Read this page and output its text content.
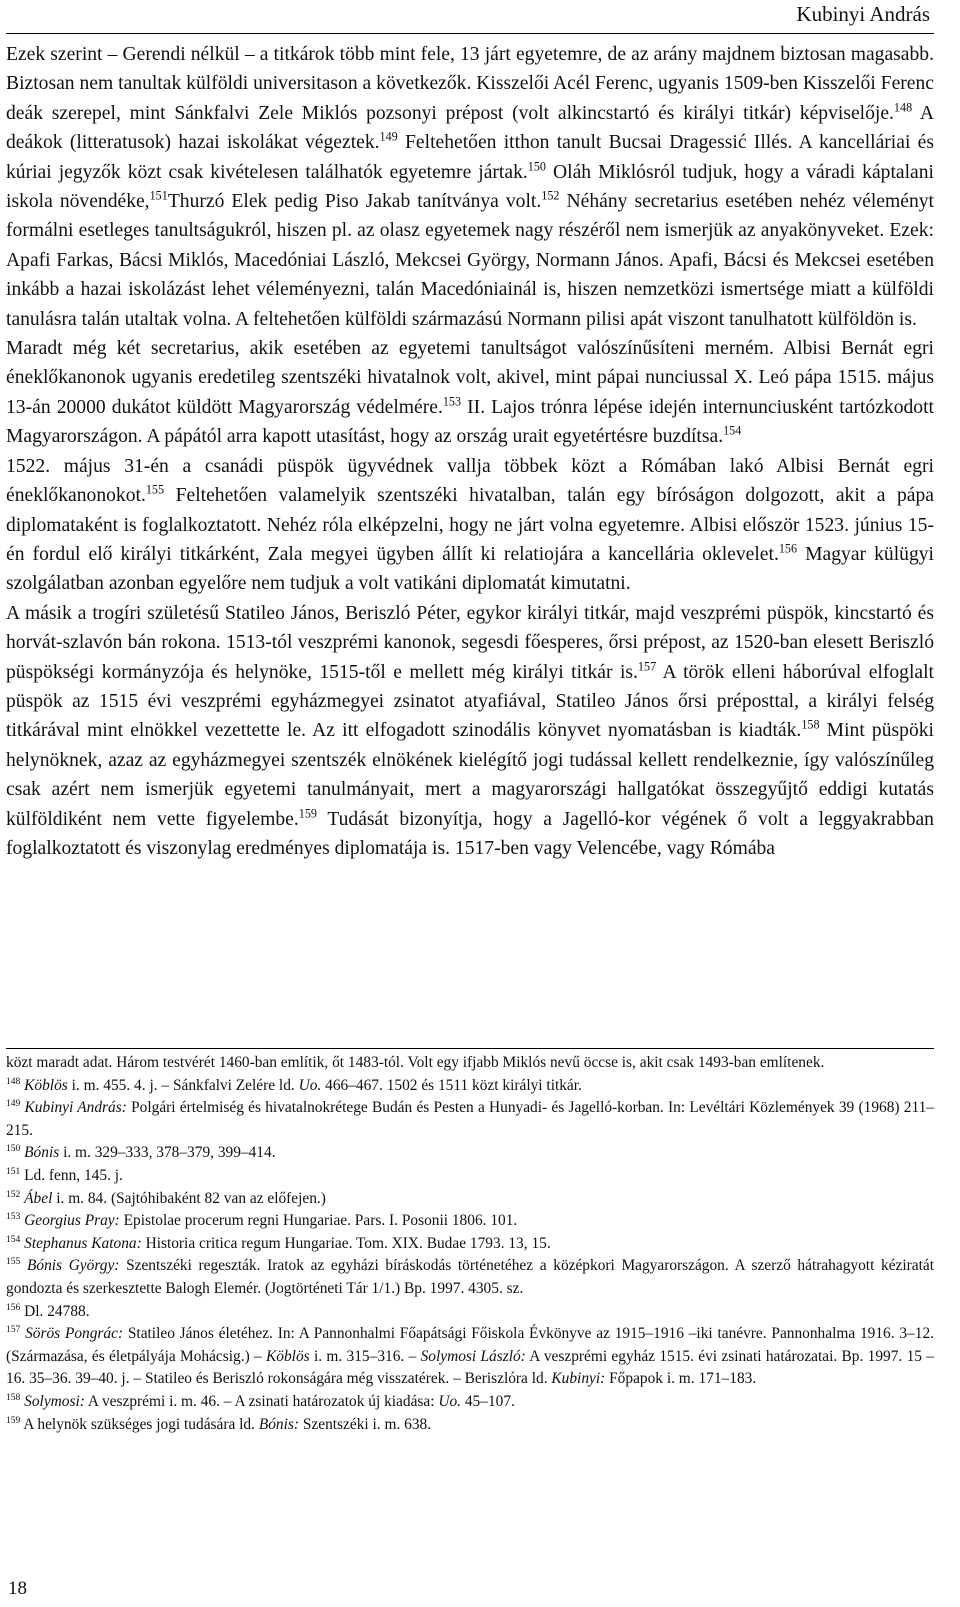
Kubinyi András

Ezek szerint – Gerendi nélkül – a titkárok több mint fele, 13 járt egyetemre, de az arány majdnem biztosan magasabb. Biztosan nem tanultak külföldi universitason a következők. Kisszelői Acél Ferenc, ugyanis 1509-ben Kisszelői Ferenc deák szerepel, mint Sánkfalvi Zele Miklós pozsonyi prépost (volt alkincstartó és királyi titkár) képviselője.$^{148}$ A deákok (litteratusok) hazai iskolákat végeztek.$^{149}$ Feltehetően itthon tanult Bucsai Dragessić Illés. A kancelláriai és kúriai jegyzők közt csak kivételesen találhatók egyetemre jártak.$^{150}$ Oláh Miklósról tudjuk, hogy a váradi káptalani iskola növendéke,$^{151}$Thurzó Elek pedig Piso Jakab tanítványa volt.$^{152}$ Néhány secretarius esetében nehéz véleményt formálni esetleges tanultságukról, hiszen pl. az olasz egyetemek nagy részéről nem ismerjük az anyakönyveket. Ezek: Apafi Farkas, Bácsi Miklós, Macedóniai László, Mekcsei György, Normann János. Apafi, Bácsi és Mekcsei esetében inkább a hazai iskolázást lehet véleményezni, talán Macedóniainál is, hiszen nemzetközi ismertsége miatt a külföldi tanulásra talán utaltak volna. A feltehetően külföldi származású Normann pilisi apát viszont tanulhatott külföldön is.

Maradt még két secretarius, akik esetében az egyetemi tanultságot valószínűsíteni merném. Albisi Bernát egri éneklőkanonok ugyanis eredetileg szentszéki hivatalnok volt, akivel, mint pápai nunciussal X. Leó pápa 1515. május 13-án 20000 dukátot küldött Magyarország védelmére.$^{153}$ II. Lajos trónra lépése idején internunciusként tartózkodott Magyarországon. A pápától arra kapott utasítást, hogy az ország urait egyetértésre buzdítsa.$^{154}$

1522. május 31-én a csanádi püspök ügyvédnek vallja többek közt a Rómában lakó Albisi Bernát egri éneklőkanonokot.$^{155}$ Feltehetően valamelyik szentszéki hivatalban, talán egy bíróságon dolgozott, akit a pápa diplomataként is foglalkoztatott. Nehéz róla elképzelni, hogy ne járt volna egyetemre. Albisi először 1523. június 15-én fordul elő királyi titkárként, Zala megyei ügyben állít ki relatiojára a kancellária oklevelet.$^{156}$ Magyar külügyi szolgálatban azonban egyelőre nem tudjuk a volt vatikáni diplomatát kimutatni.

A másik a trogíri születésű Statileo János, Beriszló Péter, egykor királyi titkár, majd veszprémi püspök, kincstartó és horvát-szlavón bán rokona. 1513-tól veszprémi kanonok, segesdi főesperes, őrsi prépost, az 1520-ban elesett Beriszló püspökségi kormányzója és helynöke, 1515-től e mellett még királyi titkár is.$^{157}$ A török elleni háborúval elfoglalt püspök az 1515 évi veszprémi egyházmegyei zsinatot atyafiával, Statileo János őrsi préposttal, a királyi felség titkárával mint elnökkel vezettette le. Az itt elfogadott szinodális könyvet nyomatásban is kiadták.$^{158}$ Mint püspöki helynöknek, azaz az egyházmegyei szentszék elnökének kielégítő jogi tudással kellett rendelkeznie, így valószínűleg csak azért nem ismerjük egyetemi tanulmányait, mert a magyarországi hallgatókat összegyűjtő eddigi kutatás külföldiként nem vette figyelembe.$^{159}$ Tudását bizonyítja, hogy a Jagelló-kor végének ő volt a leggyakrabban foglalkoztatott és viszonylag eredményes diplomatája is. 1517-ben vagy Velencébe, vagy Rómába

közt maradt adat. Három testvérét 1460-ban említik, őt 1483-tól. Volt egy ifjabb Miklós nevű öccse is, akit csak 1493-ban említenek.

$^{148}$ Köblös i. m. 455. 4. j. – Sánkfalvi Zelére ld. Uo. 466–467. 1502 és 1511 közt királyi titkár.

$^{149}$ Kubinyi András: Polgári értelmiség és hivatalnokrétege Budán és Pesten a Hunyadi- és Jagelló-korban. In: Levéltári Közlemények 39 (1968) 211–215.

$^{150}$ Bónis i. m. 329–333, 378–379, 399–414.

$^{151}$ Ld. fenn, 145. j.

$^{152}$ Ábel i. m. 84. (Sajtóhibaként 82 van az előfejen.)

$^{153}$ Georgius Pray: Epistolae procerum regni Hungariae. Pars. I. Posonii 1806. 101.

$^{154}$ Stephanus Katona: Historia critica regum Hungariae. Tom. XIX. Budae 1793. 13, 15.

$^{155}$ Bónis György: Szentszéki regeszták. Iratok az egyházi bíráskodás történetéhez a középkori Magyarországon. A szerző hátrahagyott kéziratát gondozta és szerkesztette Balogh Elemér. (Jogtörténeti Tár 1/1.) Bp. 1997. 4305. sz.

$^{156}$ Dl. 24788.

$^{157}$ Sörös Pongrác: Statileo János életéhez. In: A Pannonhalmi Főapátsági Főiskola Évkönyve az 1915–1916 –iki tanévre. Pannonhalma 1916. 3–12. (Származása, és életpályája Mohácsig.) – Köblös i. m. 315–316. – Solymosi László: A veszprémi egyház 1515. évi zsinati határozatai. Bp. 1997. 15 –16. 35–36. 39–40. j. – Statileo és Beriszló rokonságára még visszatérek. – Beriszlóra ld. Kubinyi: Főpapok i. m. 171–183.

$^{158}$ Solymosi: A veszprémi i. m. 46. – A zsinati határozatok új kiadása: Uo. 45–107.

$^{159}$ A helynök szükséges jogi tudására ld. Bónis: Szentszéki i. m. 638.

18
